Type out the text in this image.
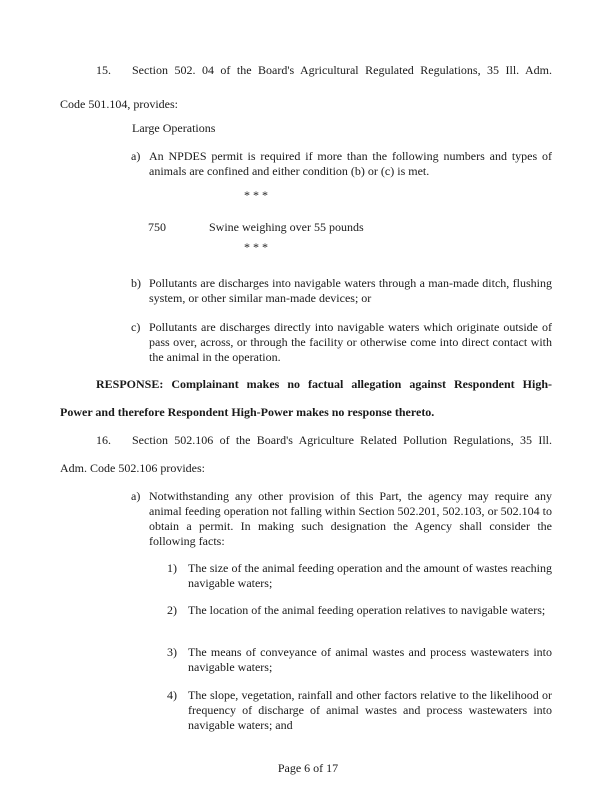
15. Section 502. 04 of the Board's Agricultural Regulated Regulations, 35 Ill. Adm.
Code 501.104, provides:
Large Operations
a) An NPDES permit is required if more than the following numbers and types of animals are confined and either condition (b) or (c) is met.
* * *
750	Swine weighing over 55 pounds
* * *
b) Pollutants are discharges into navigable waters through a man-made ditch, flushing system, or other similar man-made devices; or
c) Pollutants are discharges directly into navigable waters which originate outside of pass over, across, or through the facility or otherwise come into direct contact with the animal in the operation.
RESPONSE: Complainant makes no factual allegation against Respondent High-
Power and therefore Respondent High-Power makes no response thereto.
16. Section 502.106 of the Board's Agriculture Related Pollution Regulations, 35 Ill.
Adm. Code 502.106 provides:
a) Notwithstanding any other provision of this Part, the agency may require any animal feeding operation not falling within Section 502.201, 502.103, or 502.104 to obtain a permit. In making such designation the Agency shall consider the following facts:
1) The size of the animal feeding operation and the amount of wastes reaching navigable waters;
2) The location of the animal feeding operation relatives to navigable waters;
3) The means of conveyance of animal wastes and process wastewaters into navigable waters;
4) The slope, vegetation, rainfall and other factors relative to the likelihood or frequency of discharge of animal wastes and process wastewaters into navigable waters; and
Page 6 of 17
